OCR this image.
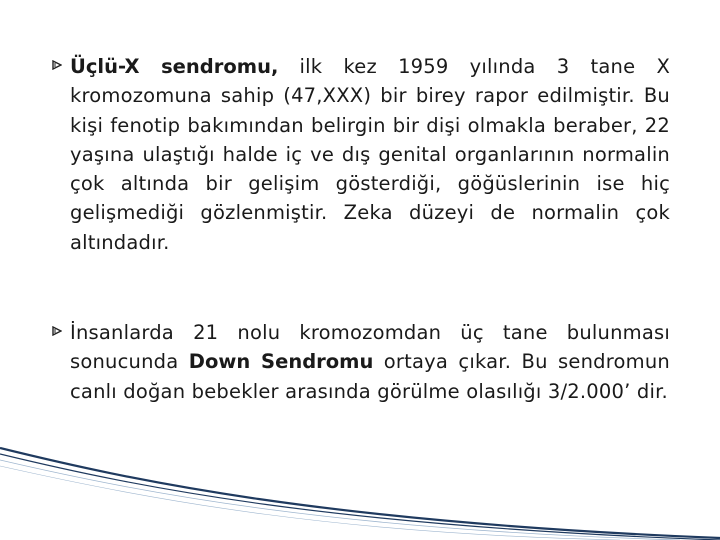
Üçlü-X sendromu, ilk kez 1959 yılında 3 tane X kromozomuna sahip (47,XXX) bir birey rapor edilmiştir. Bu kişi fenotip bakımından belirgin bir dişi olmakla beraber, 22 yaşına ulaştığı halde iç ve dış genital organlarının normalin çok altında bir gelişim gösterdiği, göğüslerinin ise hiç gelişmediği gözlenmiştir. Zeka düzeyi de normalin çok altındadır.
İnsanlarda 21 nolu kromozomdan üç tane bulunması sonucunda Down Sendromu ortaya çıkar. Bu sendromun canlı doğan bebekler arasında görülme olasılığı 3/2.000’ dir.
